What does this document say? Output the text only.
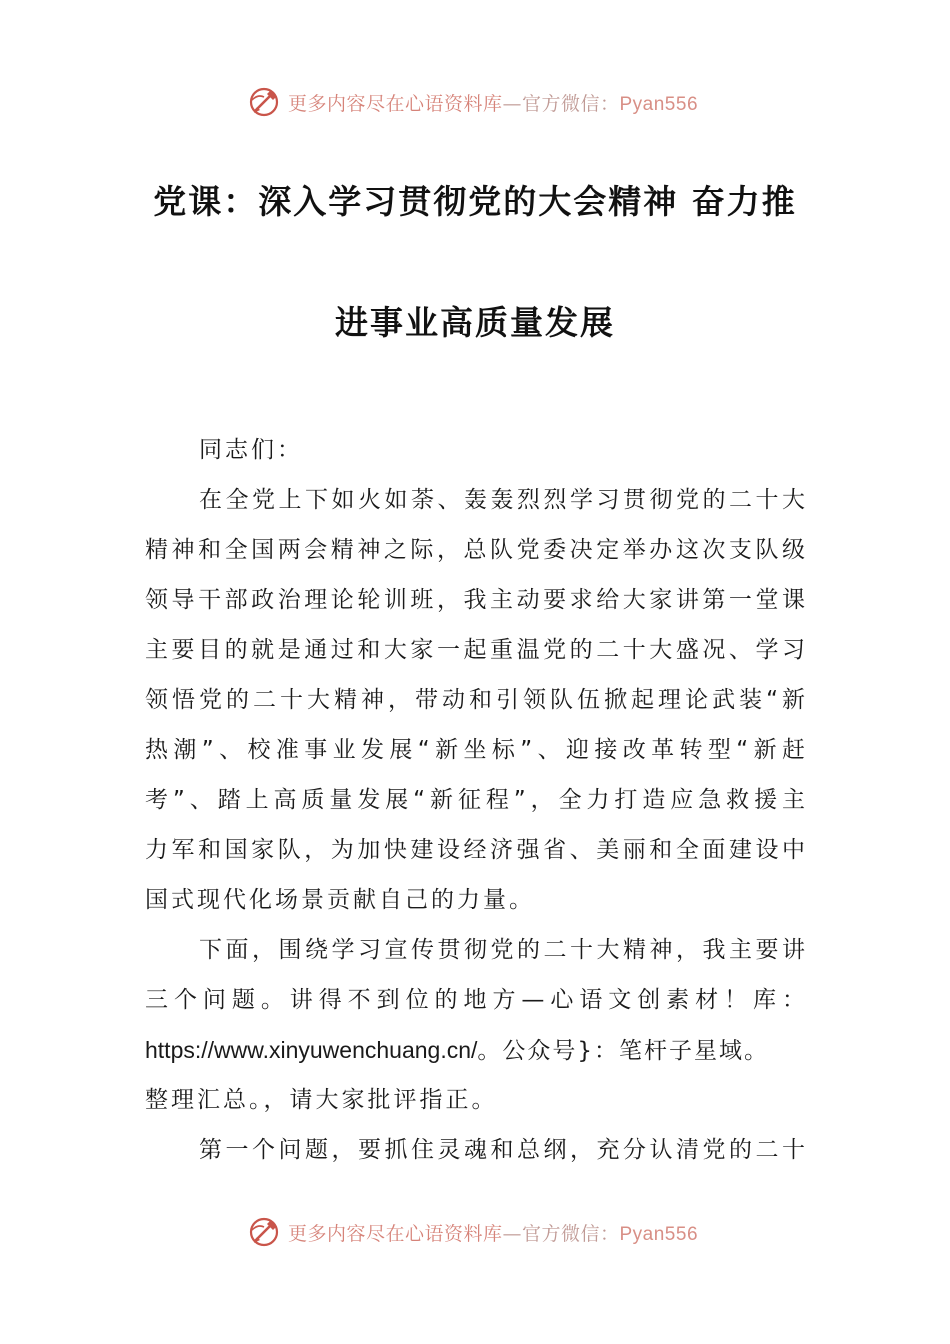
更多内容尽在心语资料库—官方微信：Pyan556
党课：深入学习贯彻党的大会精神 奋力推
进事业高质量发展
同志们：
在全党上下如火如荼、轰轰烈烈学习贯彻党的二十大
精神和全国两会精神之际，总队党委决定举办这次支队级
领导干部政治理论轮训班，我主动要求给大家讲第一堂课
主要目的就是通过和大家一起重温党的二十大盛况、学习
领悟党的二十大精神，带动和引领队伍掀起理论武装“新
热潮”、校准事业发展“新坐标”、迎接改革转型“新赶
考”、踏上高质量发展“新征程”，全力打造应急救援主
力军和国家队，为加快建设经济强省、美丽和全面建设中
国式现代化场景贡献自己的力量。
下面，围绕学习宣传贯彻党的二十大精神，我主要讲
三个问题。讲得不到位的地方—心语文创素材！库：
https://www.xinyuwenchuang.cn/。公众号}：笔杆子星域。
整理汇总。，请大家批评指正。
第一个问题，要抓住灵魂和总纲，充分认清党的二十
更多内容尽在心语资料库—官方微信：Pyan556
